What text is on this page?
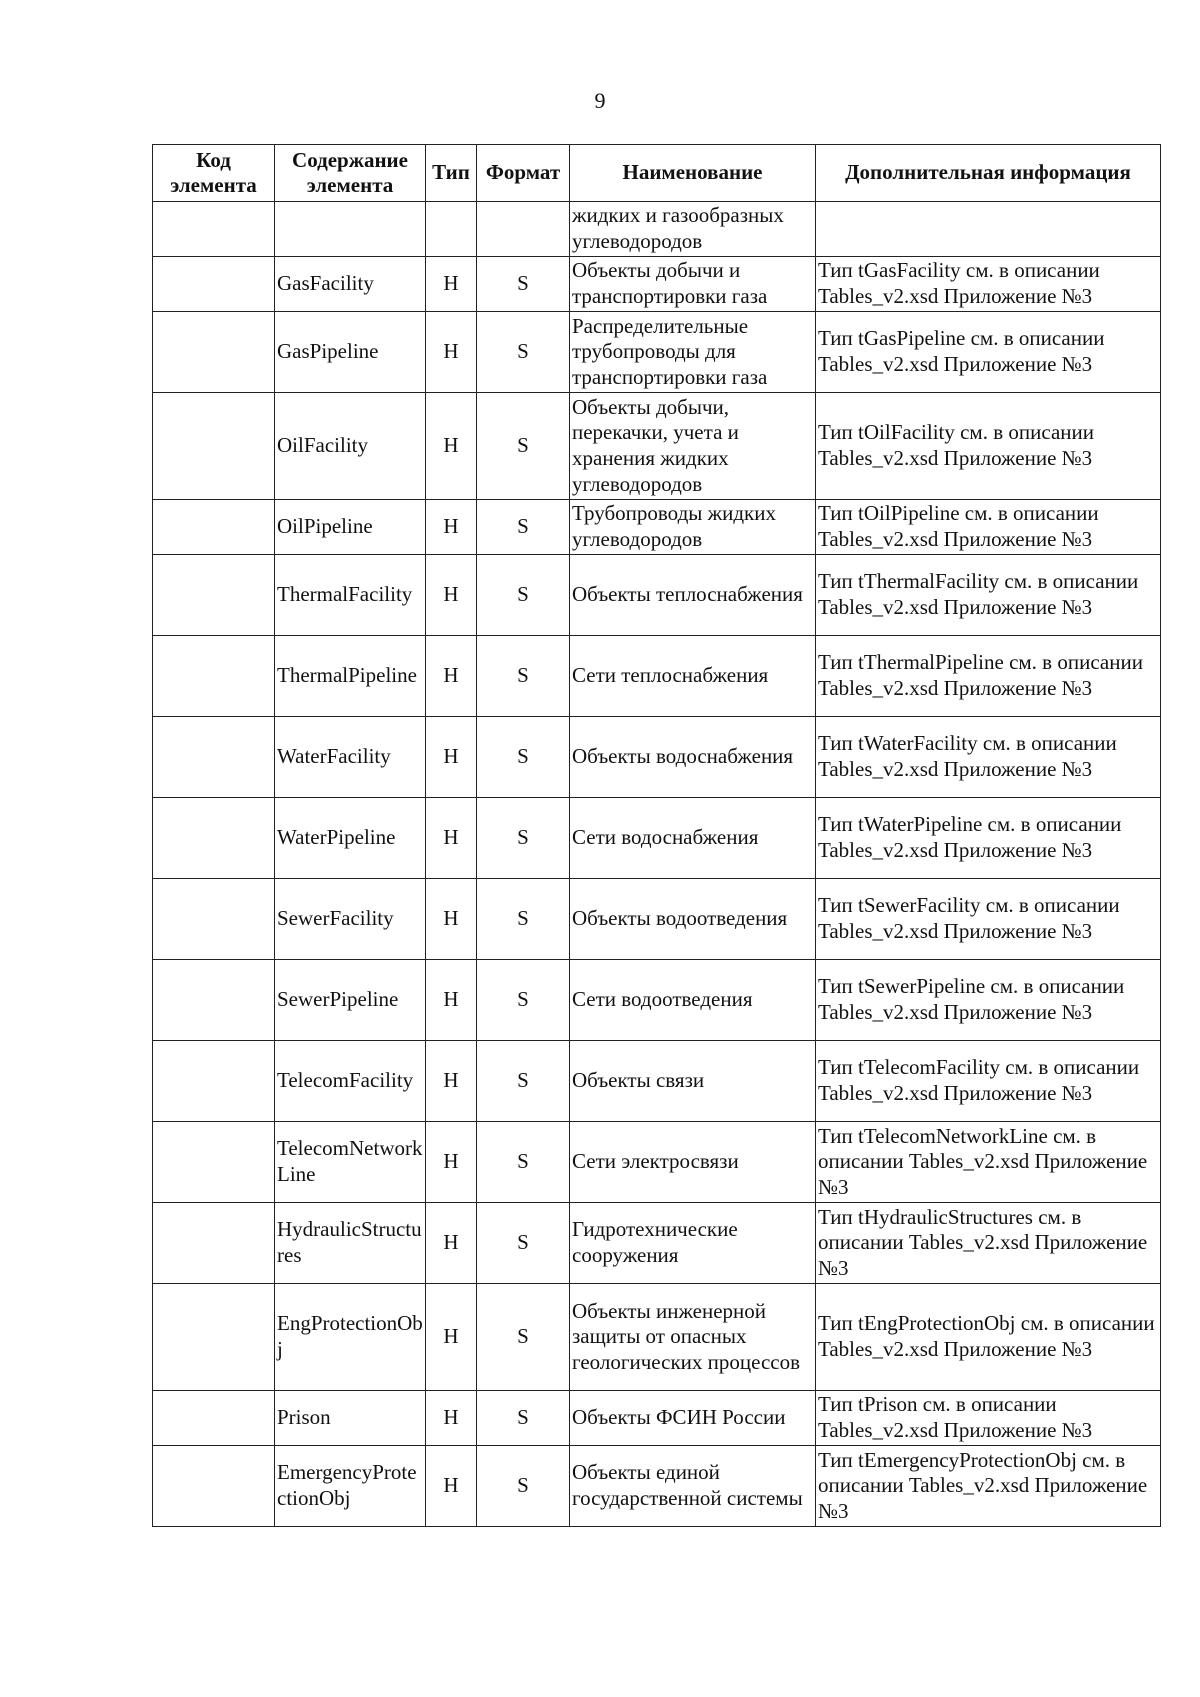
9
Код элемента	Содержание элемента	Тип	Формат	Наименование	Дополнительная информация
				жидких и газообразных углеводородов	
	GasFacility	Н	S	Объекты добычи и транспортировки газа	Тип tGasFacility см. в описании Tables_v2.xsd Приложение №3
	GasPipeline	Н	S	Распределительные трубопроводы для транспортировки газа	Тип tGasPipeline см. в описании Tables_v2.xsd Приложение №3
	OilFacility	Н	S	Объекты добычи, перекачки, учета и хранения жидких углеводородов	Тип tOilFacility см. в описании Tables_v2.xsd Приложение №3
	OilPipeline	Н	S	Трубопроводы жидких углеводородов	Тип tOilPipeline см. в описании Tables_v2.xsd Приложение №3
	ThermalFacility	Н	S	Объекты теплоснабжения	Тип tThermalFacility см. в описании Tables_v2.xsd Приложение №3
	ThermalPipeline	Н	S	Сети теплоснабжения	Тип tThermalPipeline см. в описании Tables_v2.xsd Приложение №3
	WaterFacility	Н	S	Объекты водоснабжения	Тип tWaterFacility см. в описании Tables_v2.xsd Приложение №3
	WaterPipeline	Н	S	Сети водоснабжения	Тип tWaterPipeline см. в описании Tables_v2.xsd Приложение №3
	SewerFacility	Н	S	Объекты водоотведения	Тип tSewerFacility см. в описании Tables_v2.xsd Приложение №3
	SewerPipeline	Н	S	Сети водоотведения	Тип tSewerPipeline см. в описании Tables_v2.xsd Приложение №3
	TelecomFacility	Н	S	Объекты связи	Тип tTelecomFacility см. в описании Tables_v2.xsd Приложение №3
	TelecomNetworkLine	Н	S	Сети электросвязи	Тип tTelecomNetworkLine см. в описании Tables_v2.xsd Приложение №3
	HydraulicStructures	Н	S	Гидротехнические сооружения	Тип tHydraulicStructures см. в описании Tables_v2.xsd Приложение №3
	EngProtectionObj	Н	S	Объекты инженерной защиты от опасных геологических процессов	Тип tEngProtectionObj см. в описании Tables_v2.xsd Приложение №3
	Prison	Н	S	Объекты ФСИН России	Тип tPrison см. в описании Tables_v2.xsd Приложение №3
	EmergencyProtectionObj	Н	S	Объекты единой государственной системы	Тип tEmergencyProtectionObj см. в описании Tables_v2.xsd Приложение №3
